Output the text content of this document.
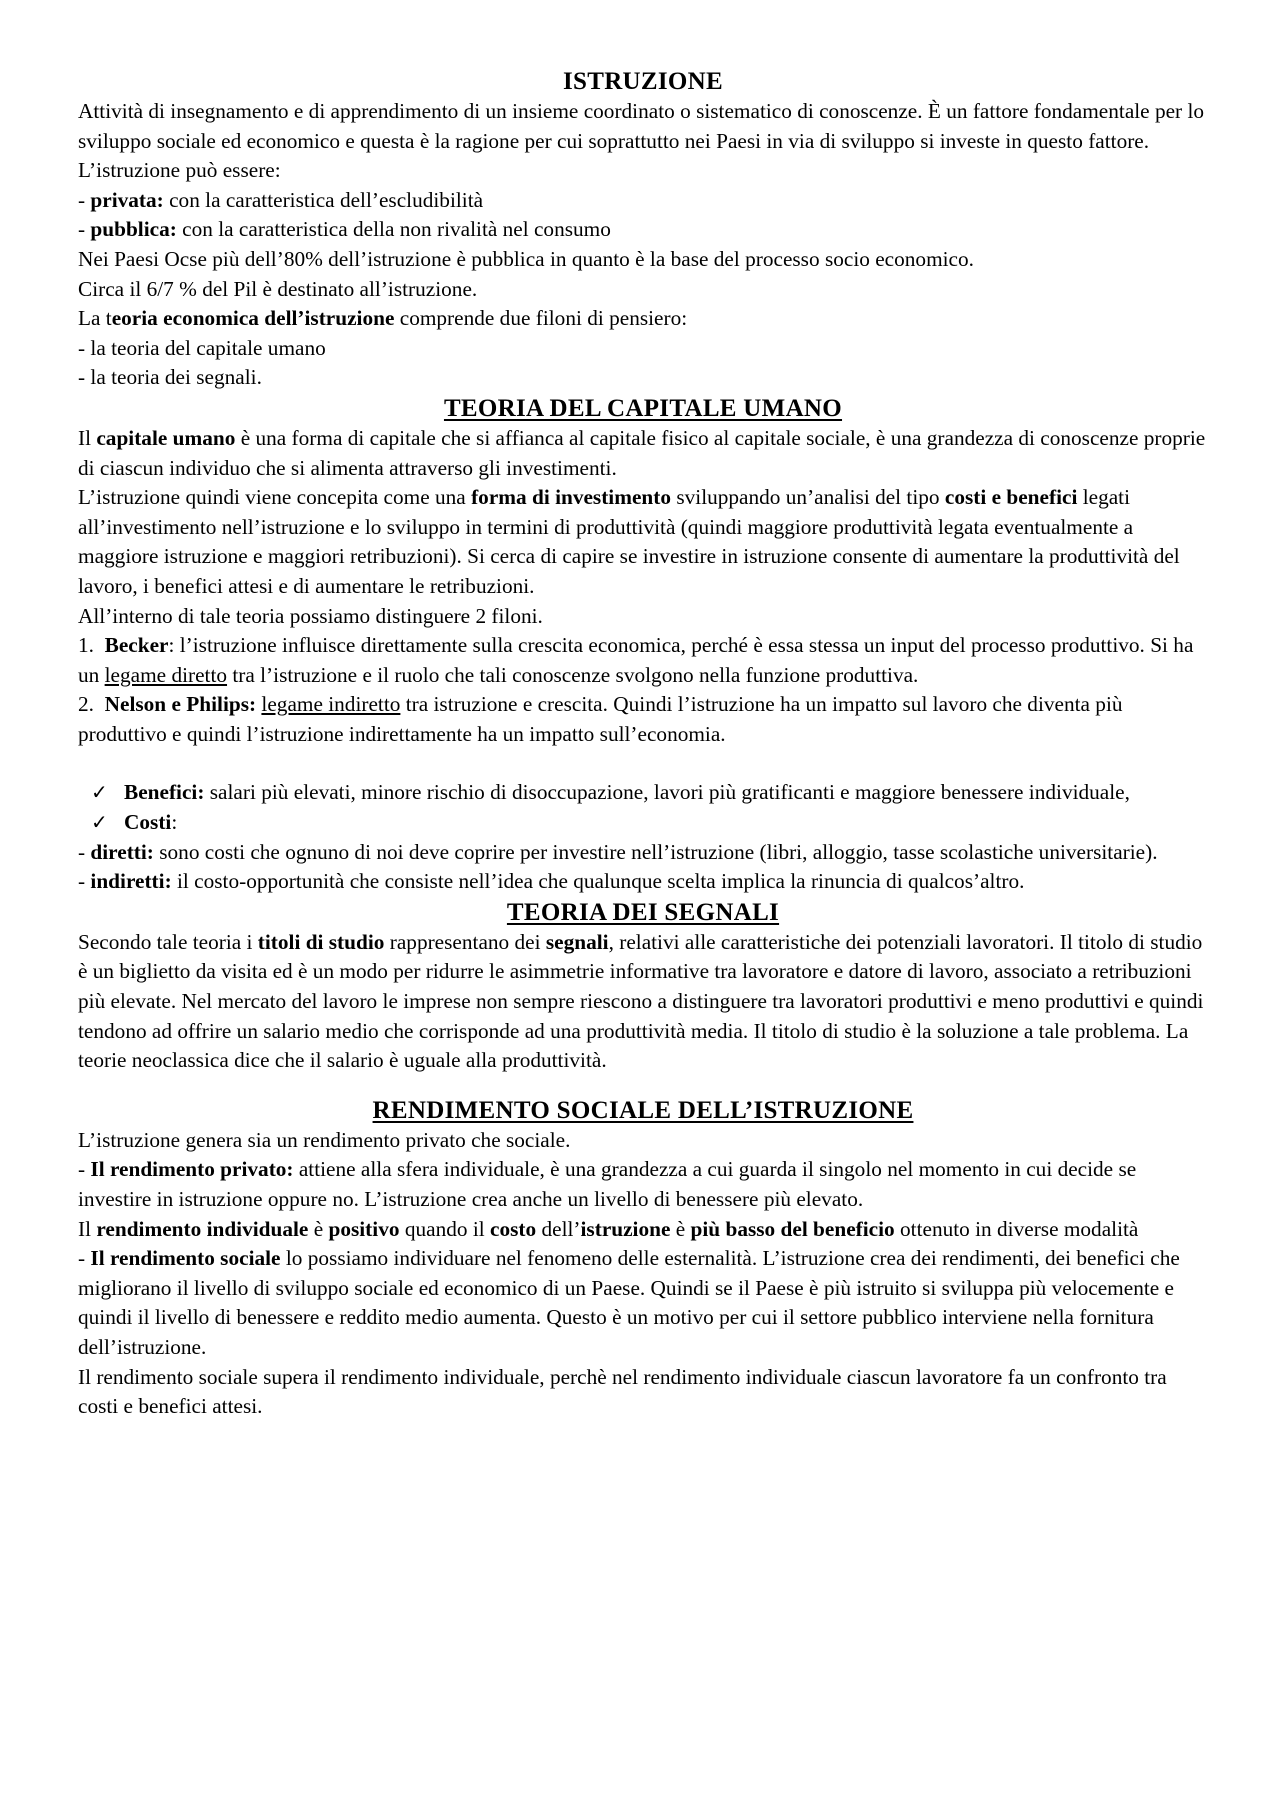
ISTRUZIONE

Attività di insegnamento e di apprendimento di un insieme coordinato o sistematico di conoscenze. È un fattore fondamentale per lo sviluppo sociale ed economico e questa è la ragione per cui soprattutto nei Paesi in via di sviluppo si investe in questo fattore.

L’istruzione può essere:

- privata: con la caratteristica dell’escludibilità

- pubblica: con la caratteristica della non rivalità nel consumo

Nei Paesi Ocse più dell’80% dell’istruzione è pubblica in quanto è la base del processo socio economico.

Circa il 6/7 % del Pil è destinato all’istruzione.

La teoria economica dell’istruzione comprende due filoni di pensiero:

- la teoria del capitale umano

- la teoria dei segnali.

TEORIA DEL CAPITALE UMANO

Il capitale umano è una forma di capitale che si affianca al capitale fisico al capitale sociale, è una grandezza di conoscenze proprie di ciascun individuo che si alimenta attraverso gli investimenti.

L’istruzione quindi viene concepita come una forma di investimento sviluppando un’analisi del tipo costi e benefici legati all’investimento nell’istruzione e lo sviluppo in termini di produttività (quindi maggiore produttività legata eventualmente a maggiore istruzione e maggiori retribuzioni). Si cerca di capire se investire in istruzione consente di aumentare la produttività del lavoro, i benefici attesi e di aumentare le retribuzioni.

All’interno di tale teoria possiamo distinguere 2 filoni.

1.  Becker: l’istruzione influisce direttamente sulla crescita economica, perché è essa stessa un input del processo produttivo. Si ha un legame diretto tra l’istruzione e il ruolo che tali conoscenze svolgono nella funzione produttiva.

2.  Nelson e Philips: legame indiretto tra istruzione e crescita. Quindi l’istruzione ha un impatto sul lavoro che diventa più produttivo e quindi l’istruzione indirettamente ha un impatto sull’economia.

✓ Benefici: salari più elevati, minore rischio di disoccupazione, lavori più gratificanti e maggiore benessere individuale,

✓ Costi:

- diretti: sono costi che ognuno di noi deve coprire per investire nell’istruzione (libri, alloggio, tasse scolastiche universitarie).

- indiretti: il costo-opportunità che consiste nell’idea che qualunque scelta implica la rinuncia di qualcos’altro.

TEORIA DEI SEGNALI

Secondo tale teoria i titoli di studio rappresentano dei segnali, relativi alle caratteristiche dei potenziali lavoratori. Il titolo di studio è un biglietto da visita ed è un modo per ridurre le asimmetrie informative tra lavoratore e datore di lavoro, associato a retribuzioni più elevate. Nel mercato del lavoro le imprese non sempre riescono a distinguere tra lavoratori produttivi e meno produttivi e quindi tendono ad offrire un salario medio che corrisponde ad una produttività media. Il titolo di studio è la soluzione a tale problema. La teorie neoclassica dice che il salario è uguale alla produttività.

RENDIMENTO SOCIALE DELL’ISTRUZIONE

L’istruzione genera sia un rendimento privato che sociale.

- Il rendimento privato: attiene alla sfera individuale, è una grandezza a cui guarda il singolo nel momento in cui decide se investire in istruzione oppure no. L’istruzione crea anche un livello di benessere più elevato.

Il rendimento individuale è positivo quando il costo dell’istruzione è più basso del beneficio ottenuto in diverse modalità

- Il rendimento sociale lo possiamo individuare nel fenomeno delle esternalità. L’istruzione crea dei rendimenti, dei benefici che migliorano il livello di sviluppo sociale ed economico di un Paese. Quindi se il Paese è più istruito si sviluppa più velocemente e quindi il livello di benessere e reddito medio aumenta. Questo è un motivo per cui il settore pubblico interviene nella fornitura dell’istruzione.

Il rendimento sociale supera il rendimento individuale, perchè nel rendimento individuale ciascun lavoratore fa un confronto tra costi e benefici attesi.
